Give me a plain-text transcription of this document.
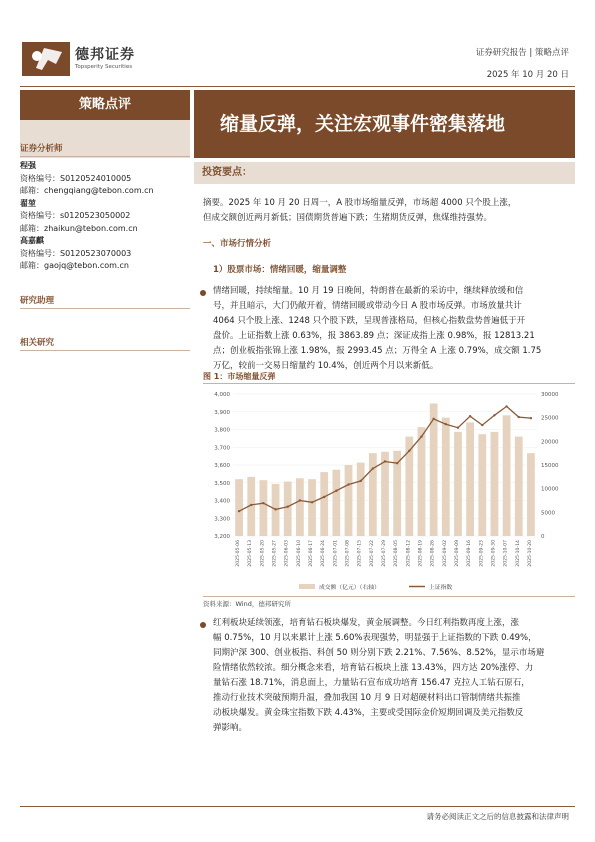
德邦证券
Topsperity Securities
证券研究报告 | 策略点评
2025 年 10 月 20 日
策略点评
缩量反弹，关注宏观事件密集落地
证券分析师
程强
资格编号：S0120524010005
邮箱：chengqiang@tebon.com.cn
翟堃
资格编号：s0120523050002
邮箱：zhaikun@tebon.com.cn
高嘉麒
资格编号：S0120523070003
邮箱：gaojq@tebon.com.cn
研究助理
相关研究
投资要点：
摘要。2025 年 10 月 20 日周一，A 股市场缩量反弹，市场超 4000 只个股上涨，
但成交额创近两月新低；国债期货普遍下跌；生猪期货反弹，焦煤维持强势。
一、市场行情分析
1）股票市场：情绪回暖，缩量调整
情绪回暖，持续缩量。10 月 19 日晚间，特朗普在最新的采访中，继续释放缓和信
号，并且暗示，大门仍敞开着，情绪回暖或带动今日 A 股市场反弹。市场放量共计
4064 只个股上涨、1248 只个股下跌，呈现普涨格局，但核心指数盘势普遍低于开
盘价。上证指数上涨 0.63%，报 3863.89 点；深证成指上涨 0.98%，报 12813.21
点；创业板指张锦上涨 1.98%，报 2993.45 点；万得全 A 上涨 0.79%，成交额 1.75
万亿，较前一交易日缩量约 10.4%，创近两个月以来新低。
图 1：市场缩量反弹
4,000
3,900
3,800
3,700
3,600
3,500
3,400
3,300
3,200
30000
25000
20000
15000
10000
5000
0
2025-05-06 2025-05-13 2025-05-20 2025-05-27 2025-06-03 2025-06-10 2025-06-17 2025-06-24 2025-07-01 2025-07-08 2025-07-15 2025-07-22 2025-07-29 2025-08-05 2025-08-12 2025-08-19 2025-08-26 2025-09-02 2025-09-09 2025-09-16 2025-09-23 2025-09-30 2025-10-07 2025-10-14 2025-10-20
成交额（亿元）（右轴）	上证指数
资料来源：Wind，德邦研究所
红利板块延续领涨，培育钻石板块爆发，黄金展调整。今日红利指数再度上涨，涨
幅 0.75%，10 月以来累计上涨 5.60%表现强势，明显强于上证指数的下跌 0.49%，
同期沪深 300、创业板指、科创 50 则分别下跌 2.21%、7.56%、8.52%，显示市场避
险情绪依然较浓。细分概念来看，培育钻石板块上涨 13.43%，四方达 20%涨停、力
量钻石涨 18.71%，消息面上，力量钻石宣布成功培育 156.47 克拉人工钻石原石，
推动行业技术突破预期升温，叠加我国 10 月 9 日对超硬材料出口管制情绪共振推
动板块爆发。黄金珠宝指数下跌 4.43%，主要或受国际金价短期回调及美元指数反
弹影响。
请务必阅读正文之后的信息披露和法律声明
